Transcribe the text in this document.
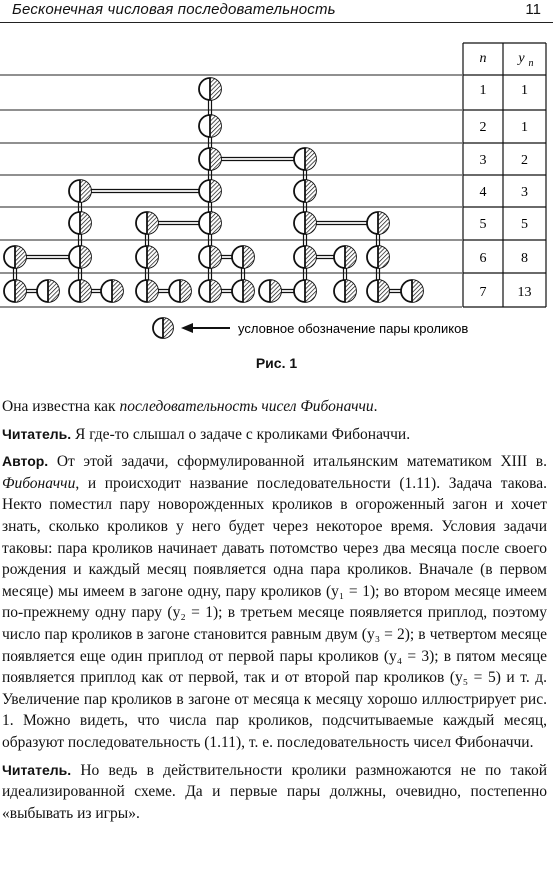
Бесконечная числовая последовательность	11
n y n
1 1
2 1
3 2
4 3
5 5
6 8
7 13
условное обозначение пары кроликов
Рис. 1

Она известна как последовательность чисел Фибоначчи.

Читатель. Я где-то слышал о задаче с кроликами Фибоначчи.

Автор. От этой задачи, сформулированной итальянским математиком XIII в. Фибоначчи, и происходит название последовательности (1.11). Задача такова. Некто поместил пару новорожденных кроликов в огороженный загон и хочет знать, сколько кроликов у него будет через некоторое время. Условия задачи таковы: пара кроликов начинает давать потомство через два месяца после своего рождения и каждый месяц появляется одна пара кроликов. Вначале (в первом месяце) мы имеем в загоне одну, пару кроликов (y₁ = 1); во втором месяце имеем по-прежнему одну пару (y₂ = 1); в третьем месяце появляется приплод, поэтому число пар кроликов в загоне становится равным двум (y₃ = 2); в четвертом месяце появляется еще один приплод от первой пары кроликов (y₄ = 3); в пятом месяце появляется приплод как от первой, так и от второй пар кроликов (y₅ = 5) и т. д. Увеличение пар кроликов в загоне от месяца к месяцу хорошо иллюстрирует рис. 1. Можно видеть, что числа пар кроликов, подсчитываемые каждый месяц, образуют последовательность (1.11), т. е. последовательность чисел Фибоначчи.

Читатель. Но ведь в действительности кролики размножаются не по такой идеализированной схеме. Да и первые пары должны, очевидно, постепенно «выбывать из игры».
